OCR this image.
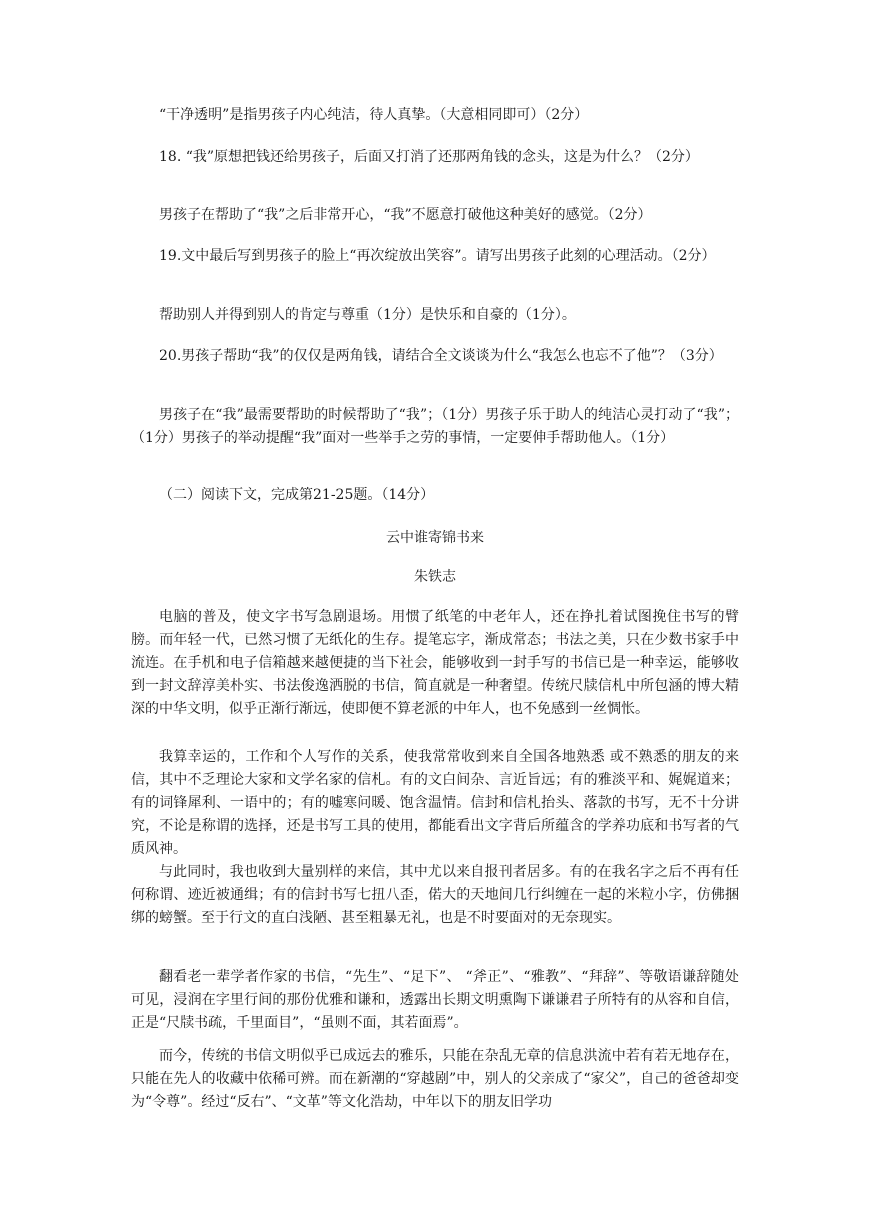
“干净透明”是指男孩子内心纯洁，待人真挚。（大意相同即可）（2分）

18. “我”原想把钱还给男孩子，后面又打消了还那两角钱的念头，这是为什么？（2分）

男孩子在帮助了“我”之后非常开心，“我”不愿意打破他这种美好的感觉。（2分）

19.文中最后写到男孩子的脸上“再次绽放出笑容”。请写出男孩子此刻的心理活动。（2分）

帮助别人并得到别人的肯定与尊重（1分）是快乐和自豪的（1分）。

20.男孩子帮助“我”的仅仅是两角钱，请结合全文谈谈为什么“我怎么也忘不了他”？（3分）

男孩子在“我”最需要帮助的时候帮助了“我”；（1分）男孩子乐于助人的纯洁心灵打动了“我”；（1分）男孩子的举动提醒“我”面对一些举手之劳的事情，一定要伸手帮助他人。（1分）

（二）阅读下文，完成第21-25题。（14分）

云中谁寄锦书来

朱铁志

电脑的普及，使文字书写急剧退场。用惯了纸笔的中老年人，还在挣扎着试图挽住书写的臂膀。而年轻一代，已然习惯了无纸化的生存。提笔忘字，渐成常态；书法之美，只在少数书家手中流连。在手机和电子信箱越来越便捷的当下社会，能够收到一封手写的书信已是一种幸运，能够收到一封文辞淳美朴实、书法俊逸洒脱的书信，简直就是一种奢望。传统尺牍信札中所包涵的博大精深的中华文明，似乎正渐行渐远，使即便不算老派的中年人，也不免感到一丝惆怅。

我算幸运的，工作和个人写作的关系，使我常常收到来自全国各地熟悉 或不熟悉的朋友的来信，其中不乏理论大家和文学名家的信札。有的文白间杂、言近旨远；有的雅淡平和、娓娓道来；有的词锋犀利、一语中的；有的嘘寒问暖、饱含温情。信封和信札抬头、落款的书写，无不十分讲究，不论是称谓的选择，还是书写工具的使用，都能看出文字背后所蕴含的学养功底和书写者的气质风神。

与此同时，我也收到大量别样的来信，其中尤以来自报刊者居多。有的在我名字之后不再有任何称谓、迹近被通缉；有的信封书写七扭八歪，偌大的天地间几行纠缠在一起的米粒小字，仿佛捆绑的螃蟹。至于行文的直白浅陋、甚至粗暴无礼，也是不时要面对的无奈现实。

翻看老一辈学者作家的书信，“先生”、“足下”、 “斧正”、“雅教”、“拜辞”、等敬语谦辞随处可见，浸润在字里行间的那份优雅和谦和，透露出长期文明熏陶下谦谦君子所特有的从容和自信，正是“尺牍书疏，千里面目”，“虽则不面，其若面焉”。

而今，传统的书信文明似乎已成远去的雅乐，只能在杂乱无章的信息洪流中若有若无地存在，只能在先人的收藏中依稀可辨。而在新潮的“穿越剧”中，别人的父亲成了“家父”，自己的爸爸却变为“令尊”。经过“反右”、“文革”等文化浩劫，中年以下的朋友旧学功
